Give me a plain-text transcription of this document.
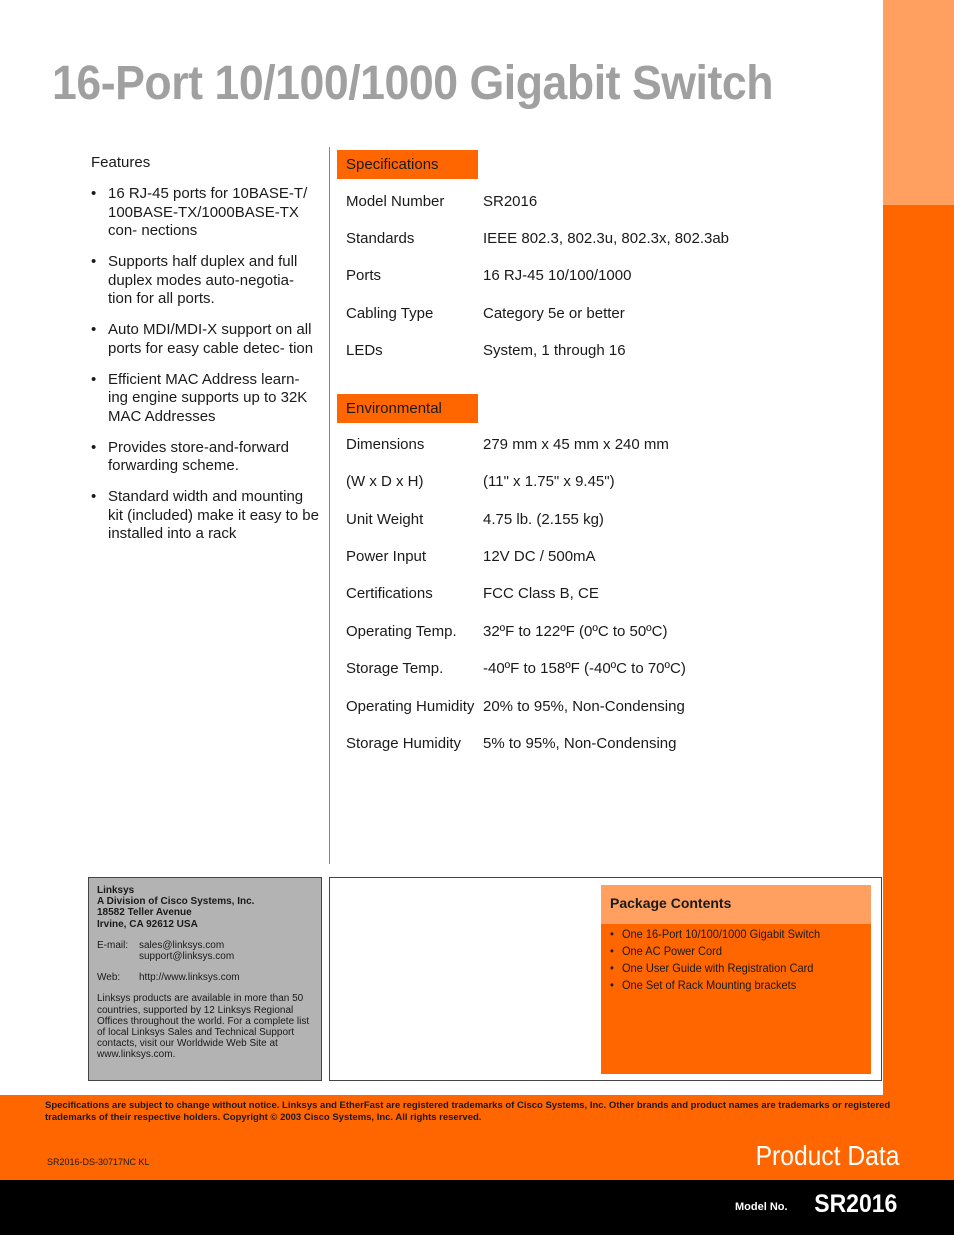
16-Port 10/100/1000 Gigabit Switch
Features
• 16 RJ-45 ports for 10BASE-T/ 100BASE-TX/1000BASE-TX con- nections
• Supports half duplex and full duplex modes auto-negotia- tion for all ports.
• Auto MDI/MDI-X support on all ports for easy cable detec- tion
• Efficient MAC Address learn- ing engine supports up to 32K MAC Addresses
• Provides store-and-forward forwarding scheme.
• Standard width and mounting kit (included) make it easy to be installed into a rack
Specifications
Model Number	SR2016
Standards	IEEE 802.3, 802.3u, 802.3x, 802.3ab
Ports	16 RJ-45 10/100/1000
Cabling Type	Category 5e or better
LEDs	System, 1 through 16
Environmental
Dimensions	279 mm x 45 mm x 240 mm
(W x D x H)	(11" x 1.75" x 9.45")
Unit Weight	4.75 lb. (2.155 kg)
Power Input	12V DC / 500mA
Certifications	FCC Class B, CE
Operating Temp. 32ºF to 122ºF (0ºC to 50ºC)
Storage Temp.	-40ºF to 158ºF (-40ºC to 70ºC)
Operating Humidity 20% to 95%, Non-Condensing
Storage Humidity 5% to 95%, Non-Condensing
Linksys
A Division of Cisco Systems, Inc.
18582 Teller Avenue
Irvine, CA 92612 USA
E-mail:	sales@linksys.com
support@linksys.com
Web:	http://www.linksys.com
Linksys products are available in more than 50 countries, supported by 12 Linksys Regional Offices throughout the world. For a complete list of local Linksys Sales and Technical Support contacts, visit our Worldwide Web Site at www.linksys.com.
Package Contents
• One 16-Port 10/100/1000 Gigabit Switch
• One AC Power Cord
• One User Guide with Registration Card
• One Set of Rack Mounting brackets
Specifications are subject to change without notice. Linksys and EtherFast are registered trademarks of Cisco Systems, Inc. Other brands and product names are trademarks or registered trademarks of their respective holders. Copyright © 2003 Cisco Systems, Inc. All rights reserved.
SR2016-DS-30717NC KL	Product Data
Model No. SR2016
